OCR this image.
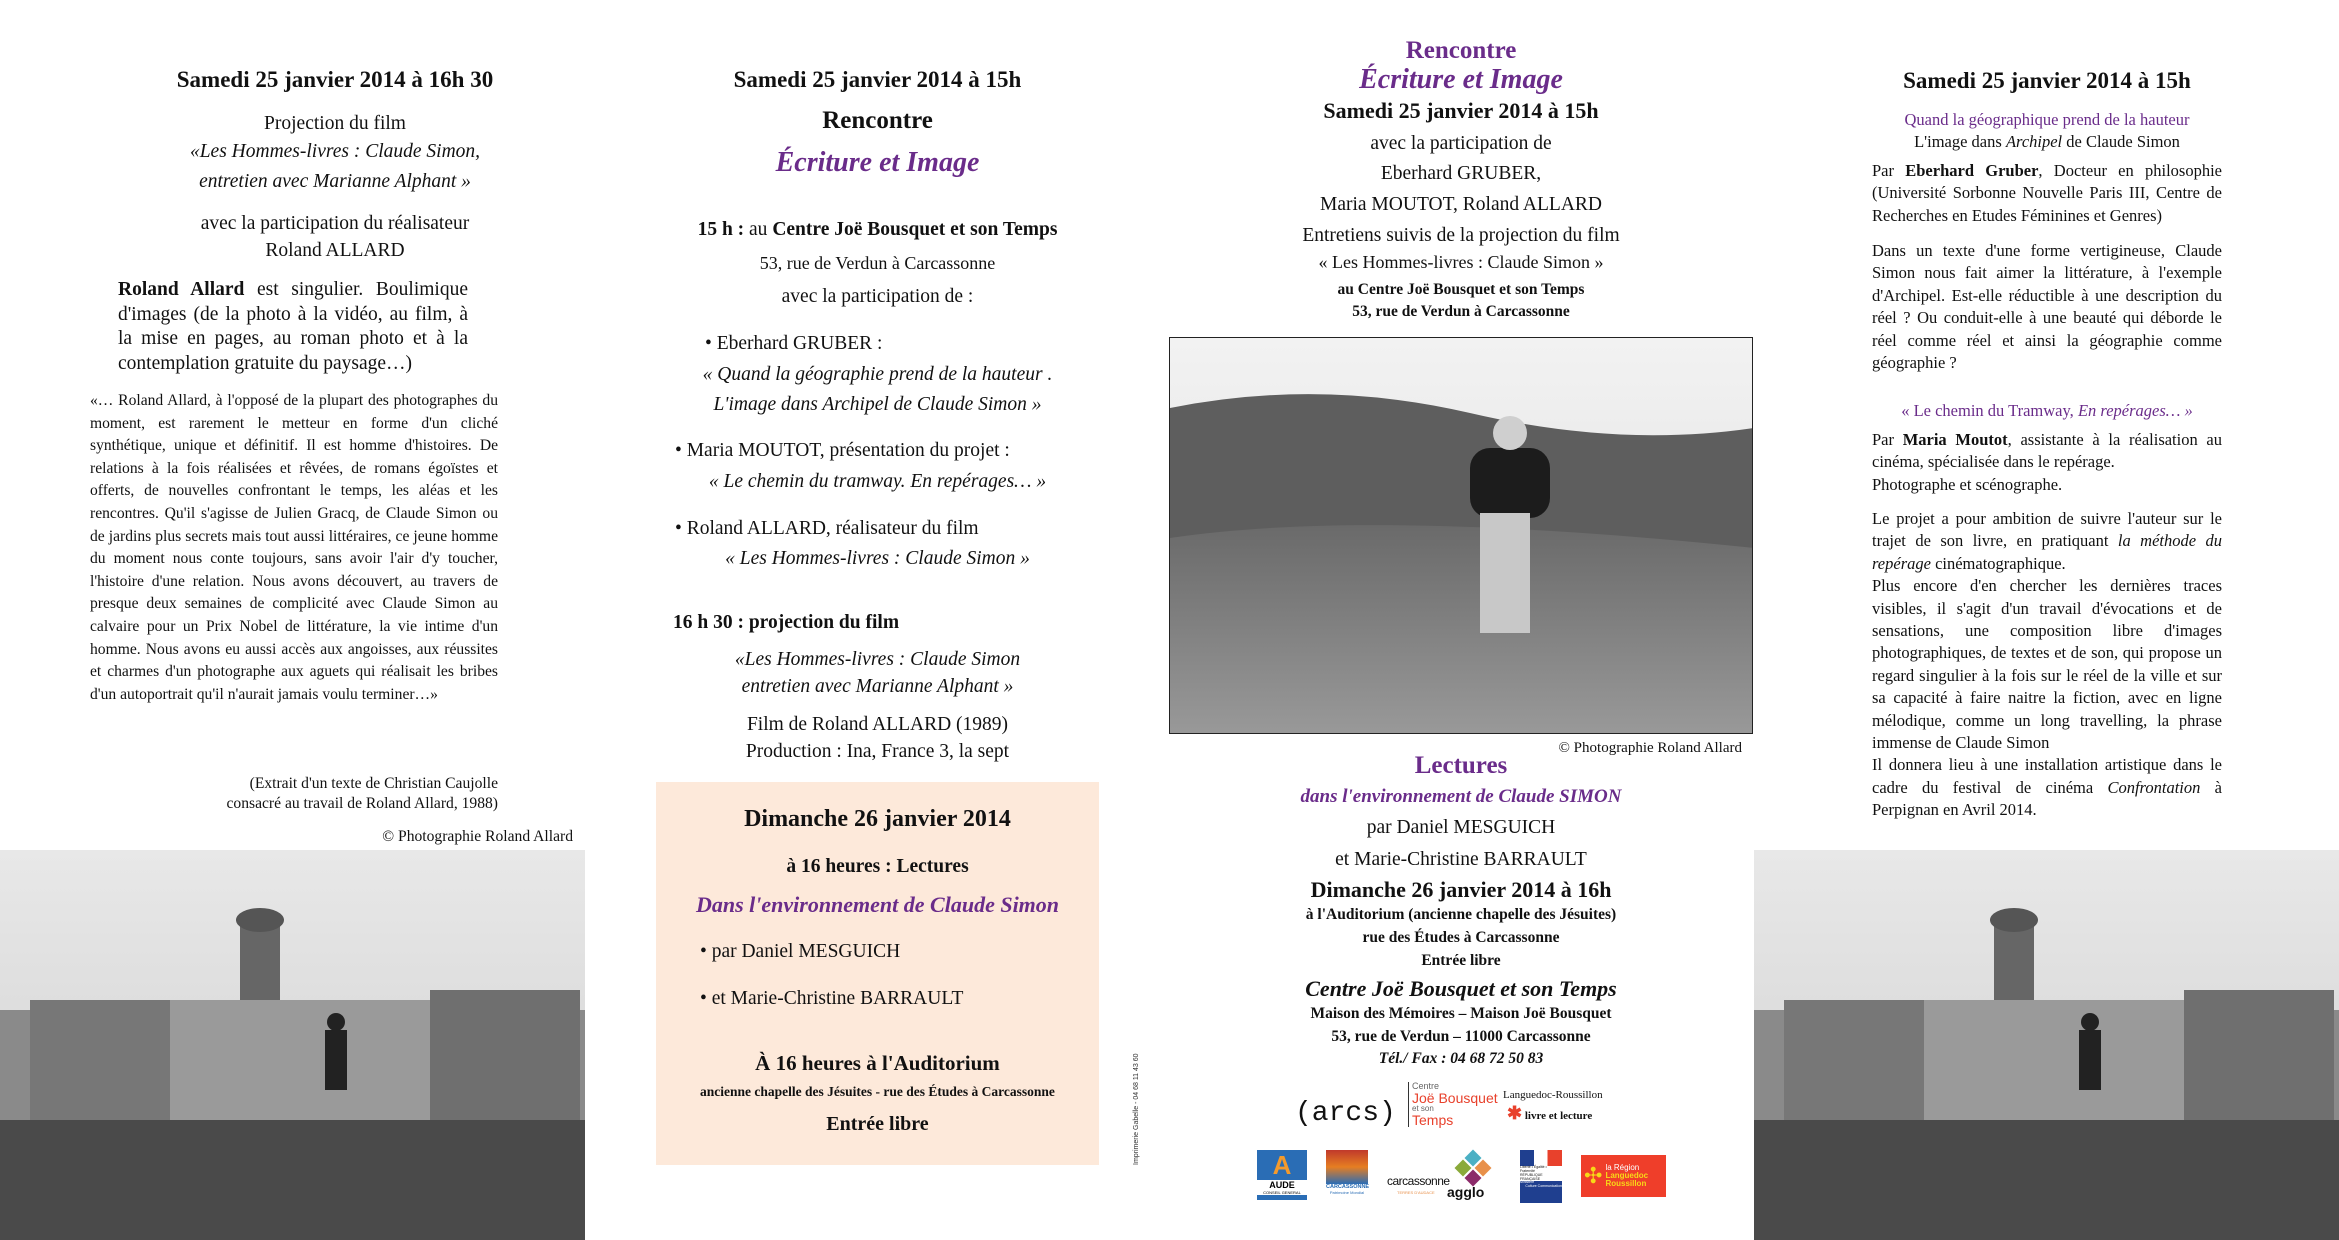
Samedi 25 janvier 2014 à 16h 30
Projection du film
«Les Hommes-livres : Claude Simon,
entretien avec Marianne Alphant »
avec la participation du réalisateur
Roland ALLARD
Roland Allard est singulier. Boulimique d'images (de la photo à la vidéo, au film, à la mise en pages, au roman photo et à la contemplation gratuite du paysage…)
«… Roland Allard, à l'opposé de la plupart des photographes du moment, est rarement le metteur en forme d'un cliché synthétique, unique et définitif. Il est homme d'histoires. De relations à la fois réalisées et rêvées, de romans égoïstes et offerts, de nouvelles confrontant le temps, les aléas et les rencontres. Qu'il s'agisse de Julien Gracq, de Claude Simon ou de jardins plus secrets mais tout aussi littéraires, ce jeune homme du moment nous conte toujours, sans avoir l'air d'y toucher, l'histoire d'une relation. Nous avons découvert, au travers de presque deux semaines de complicité avec Claude Simon au calvaire pour un Prix Nobel de littérature, la vie intime d'un homme. Nous avons eu aussi accès aux angoisses, aux réussites et charmes d'un photographe aux aguets qui réalisait les bribes d'un autoportrait qu'il n'aurait jamais voulu terminer…»
(Extrait d'un texte de Christian Caujolle
consacré au travail de Roland Allard, 1988)
© Photographie Roland Allard
Samedi 25 janvier 2014 à 15h
Rencontre
Écriture et Image
15 h : au Centre Joë Bousquet et son Temps
53, rue de Verdun à Carcassonne
avec la participation de :
• Eberhard GRUBER :
« Quand la géographie prend de la hauteur .
L'image dans Archipel de Claude Simon »
• Maria MOUTOT, présentation du projet :
« Le chemin du tramway. En repérages… »
• Roland ALLARD, réalisateur du film
« Les Hommes-livres : Claude Simon »
16 h 30 : projection du film
«Les Hommes-livres : Claude Simon
entretien avec Marianne Alphant »
Film de Roland ALLARD (1989)
Production : Ina, France 3, la sept
Dimanche 26 janvier 2014
à 16 heures : Lectures
Dans l'environnement de Claude Simon
• par Daniel MESGUICH
• et Marie-Christine BARRAULT
À 16 heures à l'Auditorium
ancienne chapelle des Jésuites - rue des Études à Carcassonne
Entrée libre
Rencontre
Écriture et Image
Samedi 25 janvier 2014 à 15h
avec la participation de
Eberhard GRUBER,
Maria MOUTOT, Roland ALLARD
Entretiens suivis de la projection du film
« Les Hommes-livres : Claude Simon »
au Centre Joë Bousquet et son Temps
53, rue de Verdun à Carcassonne
© Photographie Roland Allard
Lectures
dans l'environnement de Claude SIMON
par Daniel MESGUICH
et Marie-Christine BARRAULT
Dimanche 26 janvier 2014 à 16h
à l'Auditorium (ancienne chapelle des Jésuites)
rue des Études à Carcassonne
Entrée libre
Centre Joë Bousquet et son Temps
Maison des Mémoires – Maison Joë Bousquet
53, rue de Verdun – 11000 Carcassonne
Tél./ Fax : 04 68 72 50 83
Imprimerie Gabelle - 04 68 11 43 60	(arcs)
Centre
Joë Bousquet
et son
Temps
Languedoc-Roussillon
✱ livre et lecture
A
AUDE
CONSEIL GENERAL
CARCASSONNE
Patrimoine Mondial
carcassonne
TERRES D'AUDACE agglo
Liberté • Égalité • Fraternité
RÉPUBLIQUE FRANÇAISE
Ministère
Culture Communication ✣ la Région
Languedoc
Roussillon
Samedi 25 janvier 2014 à 15h
Quand la géographique prend de la hauteur
L'image dans Archipel de Claude Simon
Par Eberhard Gruber, Docteur en philosophie (Université Sorbonne Nouvelle Paris III, Centre de Recherches en Etudes Féminines et Genres)
Dans un texte d'une forme vertigineuse, Claude Simon nous fait aimer la littérature, à l'exemple d'Archipel. Est-elle réductible à une description du réel ? Ou conduit-elle à une beauté qui déborde le réel comme réel et ainsi la géographie comme géographie ?
« Le chemin du Tramway, En repérages… »
Par Maria Moutot, assistante à la réalisation au cinéma, spécialisée dans le repérage.
Photographe et scénographe.
Le projet a pour ambition de suivre l'auteur sur le trajet de son livre, en pratiquant la méthode du repérage cinématographique.
Plus encore d'en chercher les dernières traces visibles, il s'agit d'un travail d'évocations et de sensations, une composition libre d'images photographiques, de textes et de son, qui propose un regard singulier à la fois sur le réel de la ville et sur sa capacité à faire naitre la fiction, avec en ligne mélodique, comme un long travelling, la phrase immense de Claude Simon
Il donnera lieu à une installation artistique dans le cadre du festival de cinéma Confrontation à Perpignan en Avril 2014.
